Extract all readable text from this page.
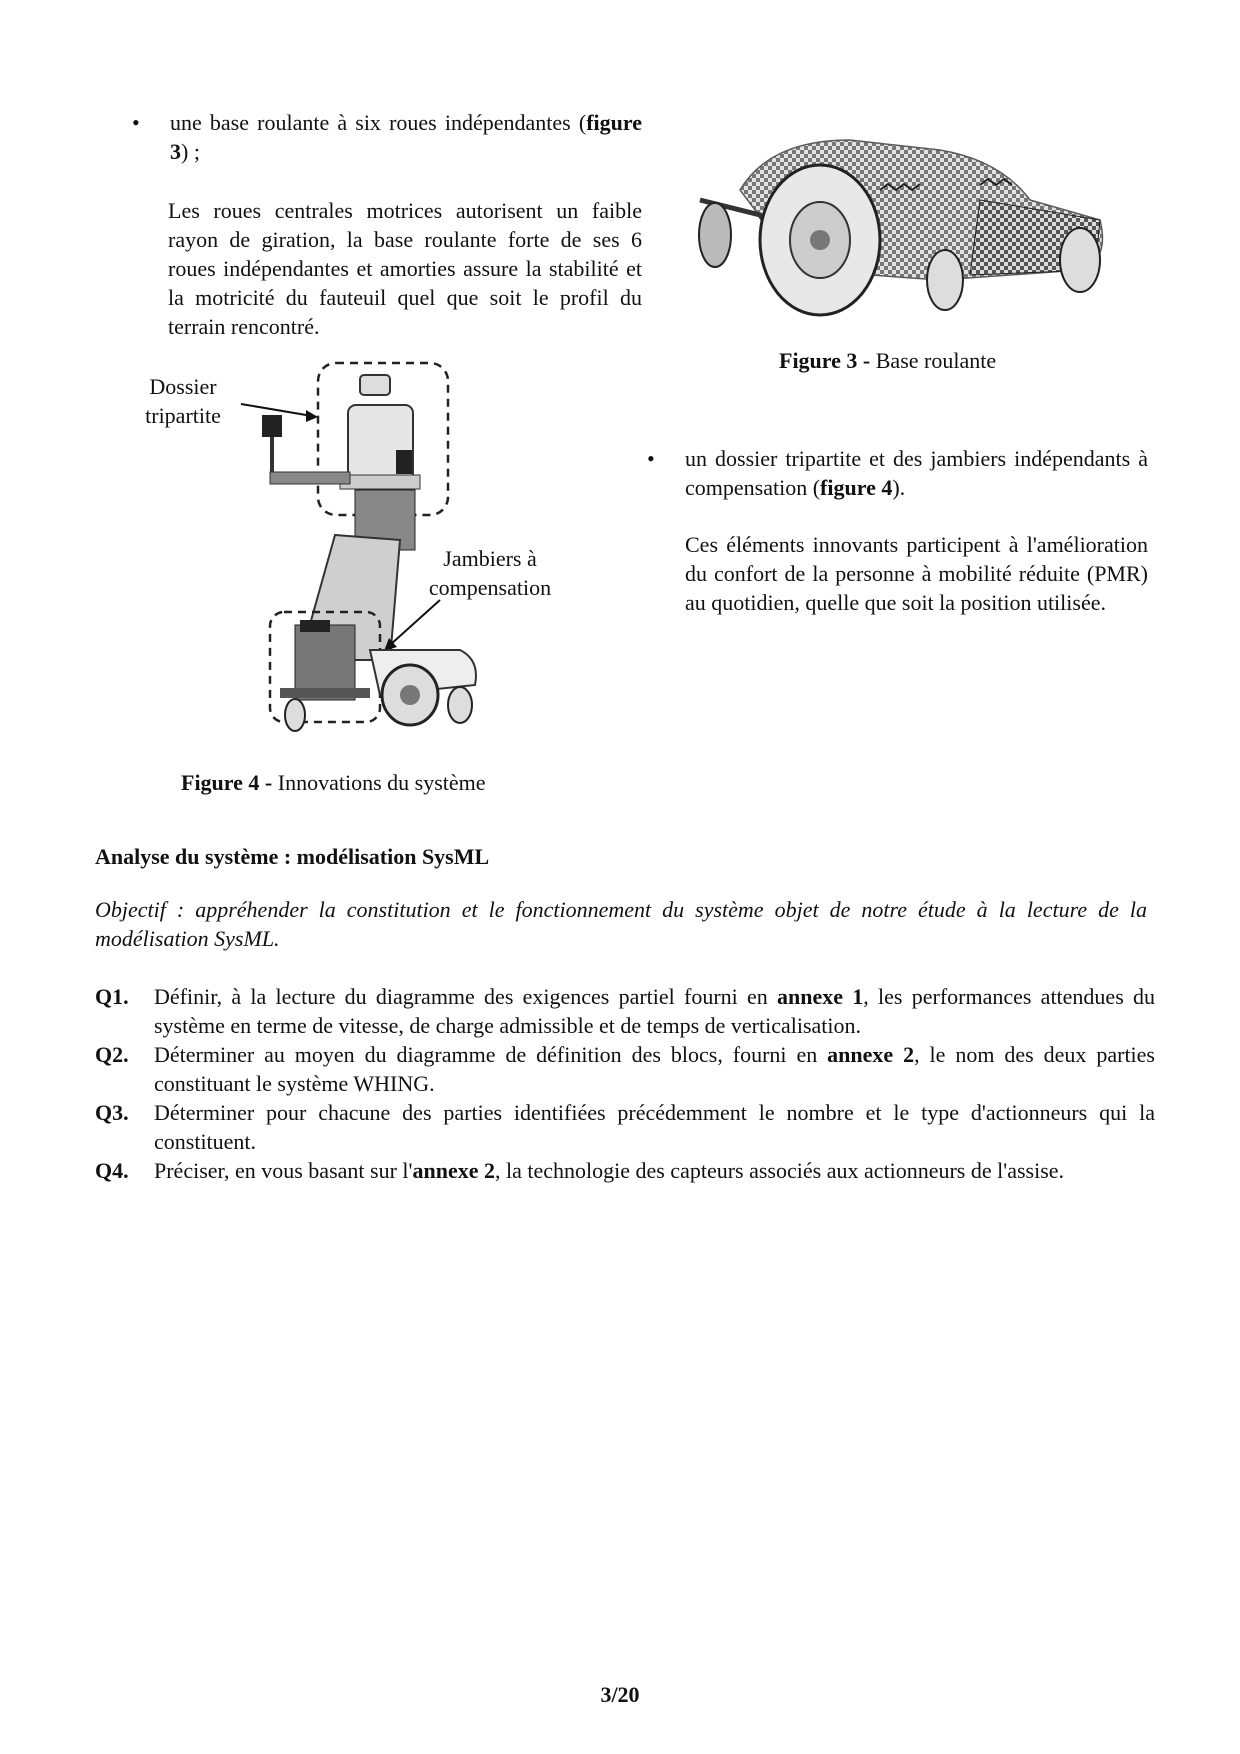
• une base roulante à six roues indépendantes (figure 3) ;
Les roues centrales motrices autorisent un faible rayon de giration, la base roulante forte de ses 6 roues indépendantes et amorties assure la stabilité et la motricité du fauteuil quel que soit le profil du terrain rencontré.
Figure 3 - Base roulante
Dossier tripartite
Jambiers à compensation
Figure 4 - Innovations du système
• un dossier tripartite et des jambiers indépendants à compensation (figure 4).
Ces éléments innovants participent à l'amélioration du confort de la personne à mobilité réduite (PMR) au quotidien, quelle que soit la position utilisée.
Analyse du système : modélisation SysML
Objectif : appréhender la constitution et le fonctionnement du système objet de notre étude à la lecture de la modélisation SysML.
Q1. Définir, à la lecture du diagramme des exigences partiel fourni en annexe 1, les performances attendues du système en terme de vitesse, de charge admissible et de temps de verticalisation.
Q2. Déterminer au moyen du diagramme de définition des blocs, fourni en annexe 2, le nom des deux parties constituant le système WHING.
Q3. Déterminer pour chacune des parties identifiées précédemment le nombre et le type d'actionneurs qui la constituent.
Q4. Préciser, en vous basant sur l'annexe 2, la technologie des capteurs associés aux actionneurs de l'assise.
3/20
